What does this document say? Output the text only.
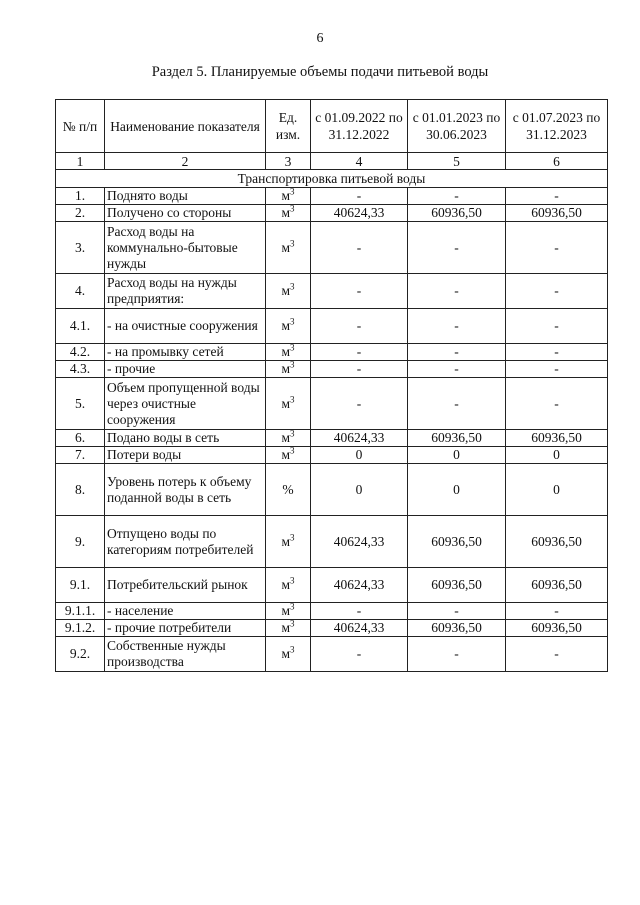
6
Раздел 5. Планируемые объемы подачи питьевой воды
№ п/п	Наименование показателя	Ед. изм.	с 01.09.2022 по 31.12.2022	с 01.01.2023 по 30.06.2023	с 01.07.2023 по 31.12.2023
1	2	3	4	5	6
Транспортировка питьевой воды					
1.	Поднято воды	$м^3$	-	-	-
2.	Получено со стороны	$м^3$	40624,33	60936,50	60936,50
3.	Расход воды на коммунально-бытовые нужды	$м^3$	-	-	-
4.	Расход воды на нужды предприятия:	$м^3$	-	-	-
4.1.	- на очистные сооружения	$м^3$	-	-	-
4.2.	- на промывку сетей	$м^3$	-	-	-
4.3.	- прочие	$м^3$	-	-	-
5.	Объем пропущенной воды через очистные сооружения	$м^3$	-	-	-
6.	Подано воды в сеть	$м^3$	40624,33	60936,50	60936,50
7.	Потери воды	$м^3$	0	0	0
8.	Уровень потерь к объему поданной воды в сеть	%	0	0	0
9.	Отпущено воды по категориям потребителей	$м^3$	40624,33	60936,50	60936,50
9.1.	Потребительский рынок	$м^3$	40624,33	60936,50	60936,50
9.1.1.	- население	$м^3$	-	-	-
9.1.2.	- прочие потребители	$м^3$	40624,33	60936,50	60936,50
9.2.	Собственные нужды производства	$м^3$	-	-	-
